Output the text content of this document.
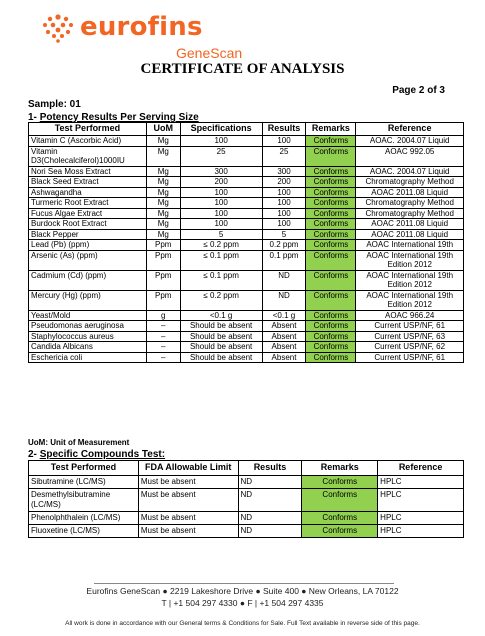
eurofins
GeneScan
CERTIFICATE OF ANALYSIS
Page 2 of 3
Sample: 01
1- Potency Results Per Serving Size
Test Performed	UoM	Specifications	Results	Remarks	Reference
Vitamin C (Ascorbic Acid)	Mg	100	100	Conforms	AOAC. 2004.07 Liquid
Vitamin D3(Cholecalciferol)1000IU	Mg	25	25	Conforms	AOAC 992.05
Nori Sea Moss Extract	Mg	300	300	Conforms	AOAC. 2004.07 Liquid
Black Seed Extract	Mg	200	200	Conforms	Chromatography Method
Ashwagandha	Mg	100	100	Conforms	AOAC 2011.08 Liquid
Turmeric Root Extract	Mg	100	100	Conforms	Chromatography Method
Fucus Algae Extract	Mg	100	100	Conforms	Chromatography Method
Burdock Root Extract	Mg	100	100	Conforms	AOAC 2011.08 Liquid
Black Pepper	Mg	5	5	Conforms	AOAC 2011.08 Liquid
Lead (Pb) (ppm)	Ppm	≤ 0.2 ppm	0.2 ppm	Conforms	AOAC International 19th
Arsenic (As) (ppm)	Ppm	≤ 0.1 ppm	0.1 ppm	Conforms	AOAC International 19th Edition 2012
Cadmium (Cd) (ppm)	Ppm	≤ 0.1 ppm	ND	Conforms	AOAC International 19th Edition 2012
Mercury (Hg) (ppm)	Ppm	≤ 0.2 ppm	ND	Conforms	AOAC International 19th Edition 2012
Yeast/Mold	g	<0.1 g	<0.1 g	Conforms	AOAC 966.24
Pseudomonas aeruginosa	–	Should be absent	Absent	Conforms	Current USP/NF, 61
Staphylococcus aureus	–	Should be absent	Absent	Conforms	Current USP/NF, 63
Candida Albicans	–	Should be absent	Absent	Conforms	Current USP/NF, 62
Eschericia coli	–	Should be absent	Absent	Conforms	Current USP/NF, 61
UoM: Unit of Measurement
2- Specific Compounds Test:
Test Performed	FDA Allowable Limit	Results	Remarks	Reference
Sibutramine (LC/MS)	Must be absent	ND	Conforms	HPLC
Desmethylsibutramine (LC/MS)	Must be absent	ND	Conforms	HPLC
Phenolphthalein (LC/MS)	Must be absent	ND	Conforms	HPLC
Fluoxetine (LC/MS)	Must be absent	ND	Conforms	HPLC
Eurofins GeneScan ● 2219 Lakeshore Drive ● Suite 400 ● New Orleans, LA 70122
T | +1 504 297 4330 ● F | +1 504 297 4335
All work is done in accordance with our General terms & Conditions for Sale. Full Text available in reverse side of this page.
